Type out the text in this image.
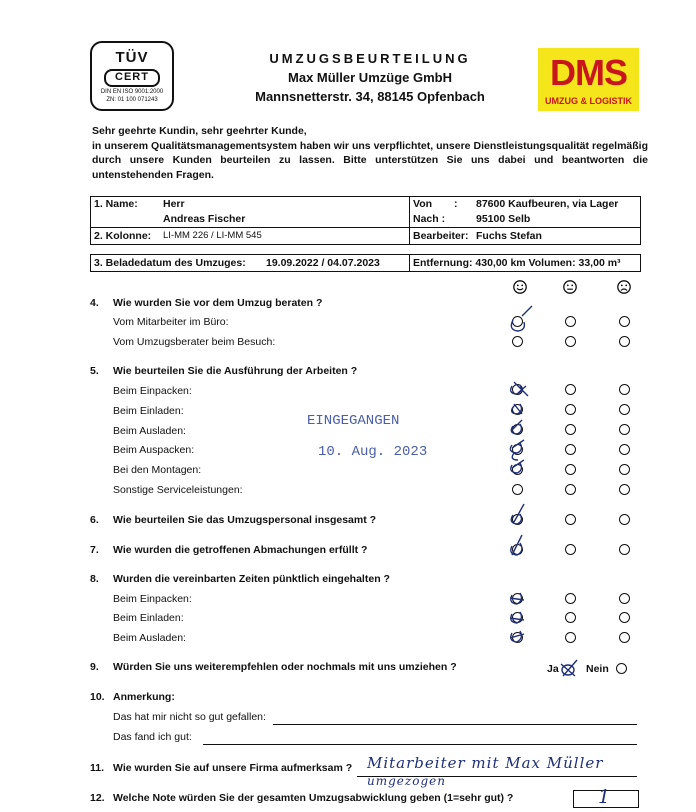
TÜV
CERT
DIN EN ISO 9001:2000
ZN: 01 100 071243
UMZUGSBEURTEILUNG
Max Müller Umzüge GmbH
Mannsnetterstr. 34, 88145 Opfenbach
DMS
UMZUG & LOGISTIK
Sehr geehrte Kundin, sehr geehrter Kunde,
in unserem Qualitätsmanagementsystem haben wir uns verpflichtet, unsere Dienstleistungsqualität regelmäßig durch unsere Kunden beurteilen zu lassen. Bitte unterstützen Sie uns dabei und beantworten die untenstehenden Fragen.
1. Name: Herr
Andreas Fischer
Von : 87600 Kaufbeuren, via Lager
Nach :	95100 Selb
2. Kolonne: LI-MM 226 / LI-MM 545	Bearbeiter: Fuchs Stefan
3. Beladedatum des Umzuges: 19.09.2022 / 04.07.2023	Entfernung: 430,00 km Volumen: 33,00 m³
4. Wie wurden Sie vor dem Umzug beraten ?
Vom Mitarbeiter im Büro:
Vom Umzugsberater beim Besuch:
5. Wie beurteilen Sie die Ausführung der Arbeiten ?
Beim Einpacken:
Beim Einladen:
Beim Ausladen:
Beim Auspacken:
Bei den Montagen:
Sonstige Serviceleistungen:
6. Wie beurteilen Sie das Umzugspersonal insgesamt ?
7. Wie wurden die getroffenen Abmachungen erfüllt ?
8. Wurden die vereinbarten Zeiten pünktlich eingehalten ?
Beim Einpacken:
Beim Einladen:
Beim Ausladen:
9. Würden Sie uns weiterempfehlen oder nochmals mit uns umziehen ?	Ja	Nein
10. Anmerkung:
Das hat mir nicht so gut gefallen:
Das fand ich gut:
11. Wie wurden Sie auf unsere Firma aufmerksam ? Mitarbeiter mit Max Müller
umgezogen
12. Welche Note würden Sie der gesamten Umzugsabwicklung geben (1=sehr gut) ?	1
EINGEGANGEN
10. Aug. 2023
